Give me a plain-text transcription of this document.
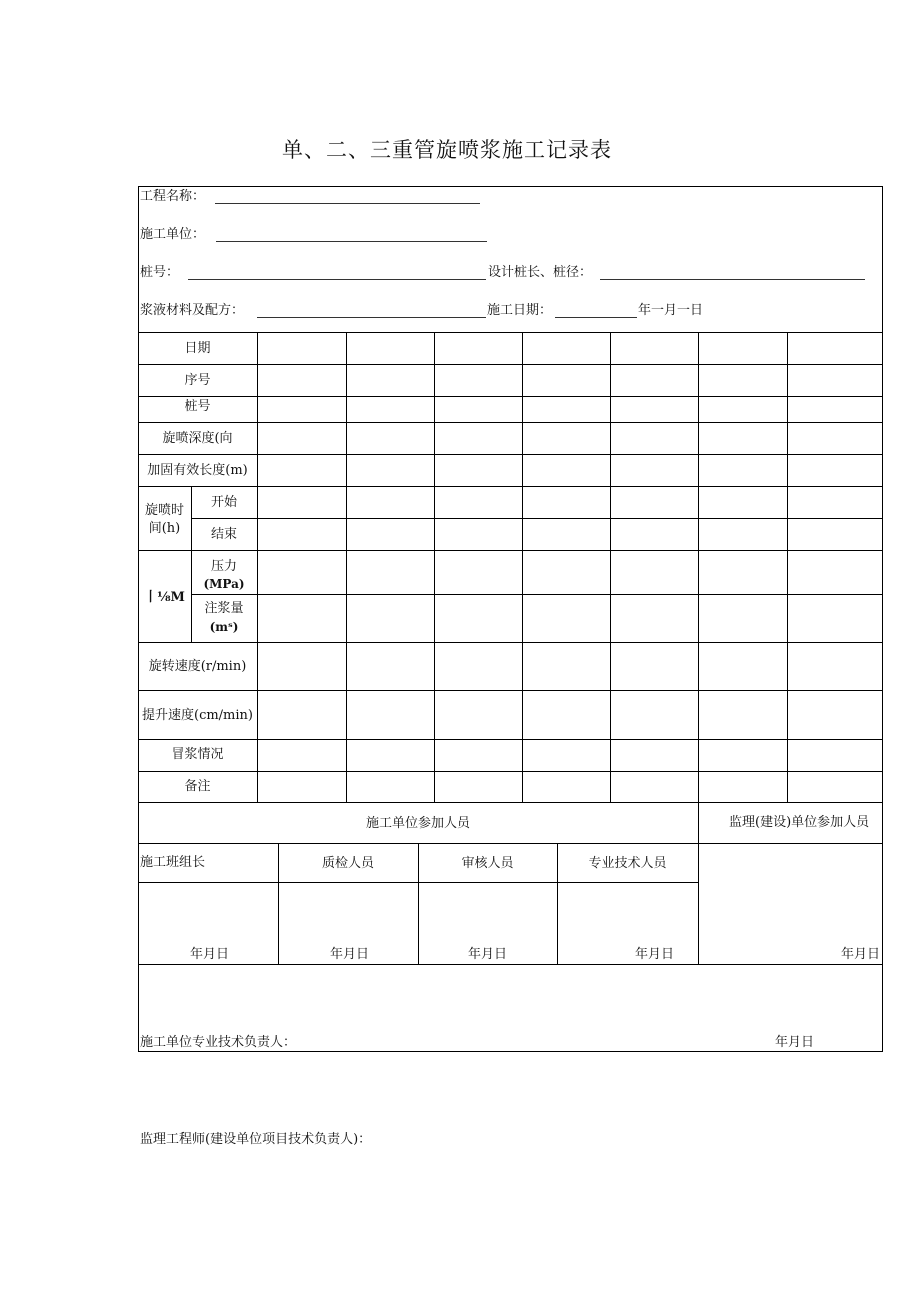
单、二、三重管旋喷浆施工记录表
工程名称：
施工单位：
桩号：	设计桩长、桩径：
浆液材料及配方：	施工日期：	年一月一日
日期
序号
桩号
旋喷深度(向
加固有效长度(m)
旋喷时
间(h)
开始
结束
丨⅛M
压力
(MPa)
注浆量
(mˢ)
旋转速度(r∕min)
提升速度(cm∕min)
冒浆情况
备注
施工单位参加人员	监理(建设)单位参加人员
施工班组长	质检人员	审核人员	专业技术人员
年月日	年月日	年月日	年月日	年月日
施工单位专业技术负责人：	年月日
监理工程师(建设单位项目技术负责人)：
